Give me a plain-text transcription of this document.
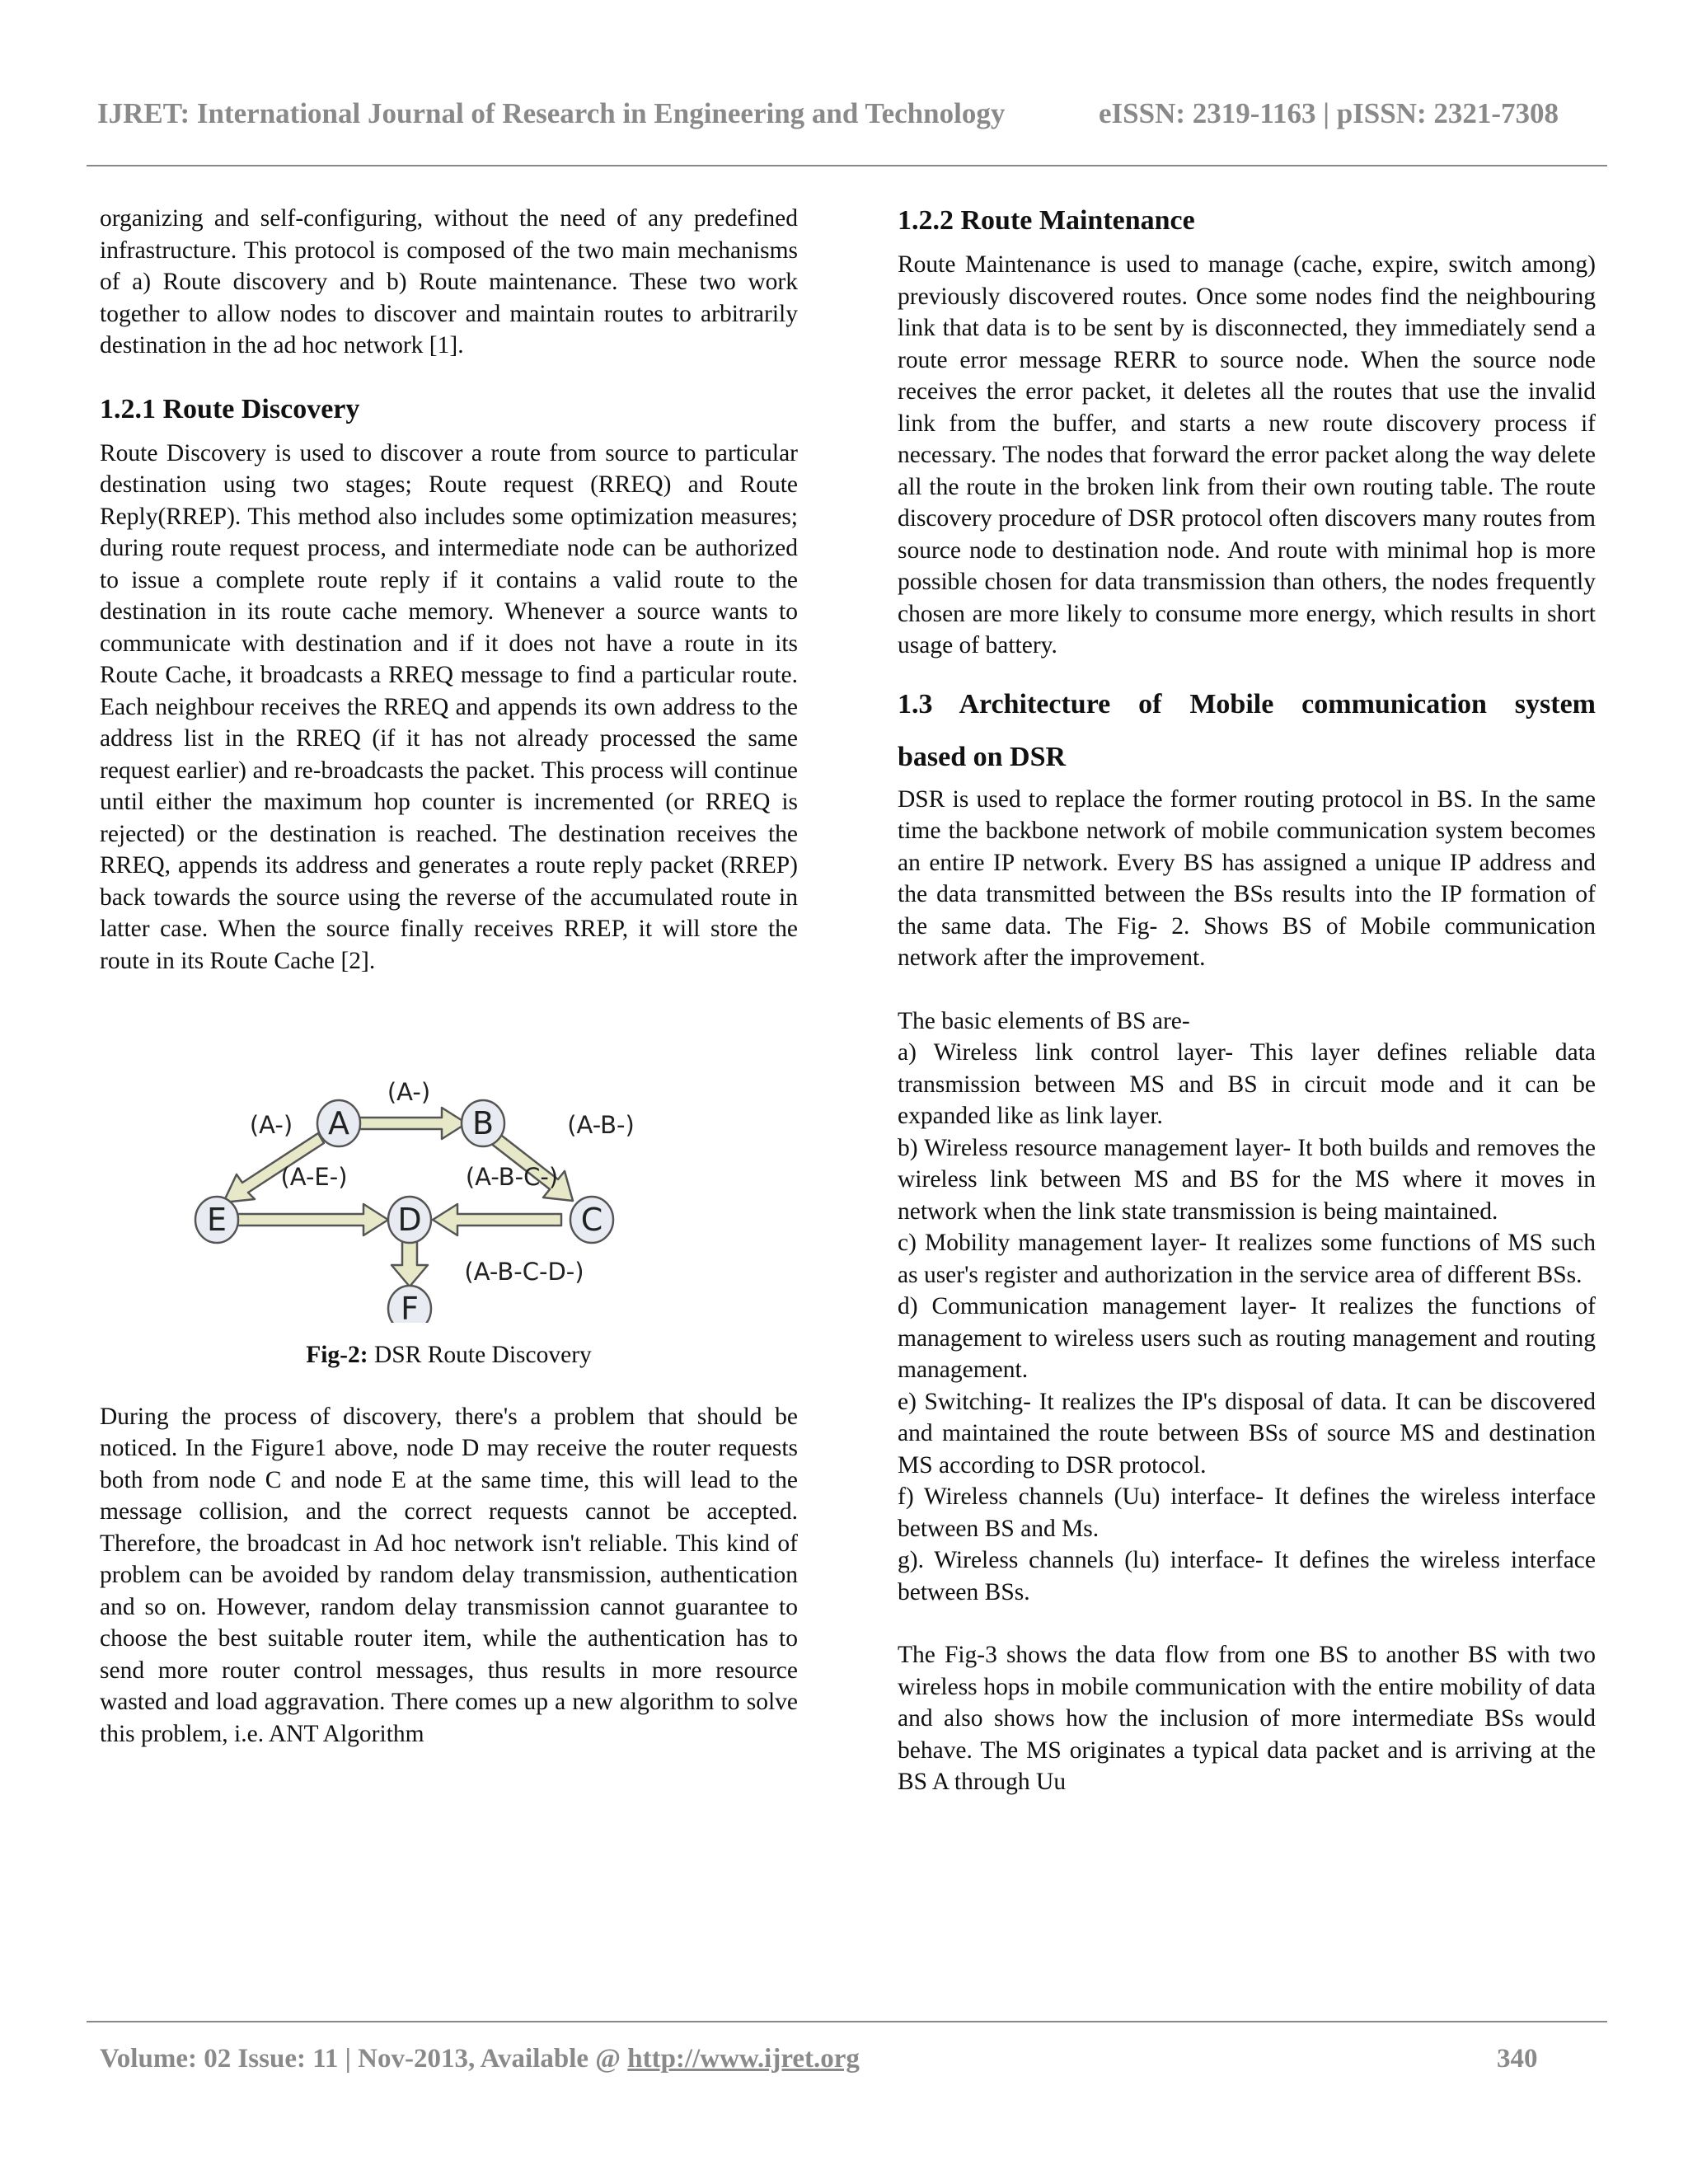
IJRET: International Journal of Research in Engineering and Technology	eISSN: 2319-1163 | pISSN: 2321-7308

organizing and self-configuring, without the need of any predefined infrastructure. This protocol is composed of the two main mechanisms of a) Route discovery and b) Route maintenance. These two work together to allow nodes to discover and maintain routes to arbitrarily destination in the ad hoc network [1].

1.2.1 Route Discovery

Route Discovery is used to discover a route from source to particular destination using two stages; Route request (RREQ) and Route Reply(RREP). This method also includes some optimization measures; during route request process, and intermediate node can be authorized to issue a complete route reply if it contains a valid route to the destination in its route cache memory. Whenever a source wants to communicate with destination and if it does not have a route in its Route Cache, it broadcasts a RREQ message to find a particular route. Each neighbour receives the RREQ and appends its own address to the address list in the RREQ (if it has not already processed the same request earlier) and re-broadcasts the packet. This process will continue until either the maximum hop counter is incremented (or RREQ is rejected) or the destination is reached. The destination receives the RREQ, appends its address and generates a route reply packet (RREP) back towards the source using the reverse of the accumulated route in latter case. When the source finally receives RREP, it will store the route in its Route Cache [2].

A	B
C
D
E
F
(A-)
(A-)
(A-B-)
(A-E-)	(A-B-C-)
(A-B-C-D-)

Fig-2: DSR Route Discovery

During the process of discovery, there's a problem that should be noticed. In the Figure1 above, node D may receive the router requests both from node C and node E at the same time, this will lead to the message collision, and the correct requests cannot be accepted. Therefore, the broadcast in Ad hoc network isn't reliable. This kind of problem can be avoided by random delay transmission, authentication and so on. However, random delay transmission cannot guarantee to choose the best suitable router item, while the authentication has to send more router control messages, thus results in more resource wasted and load aggravation. There comes up a new algorithm to solve this problem, i.e. ANT Algorithm

1.2.2 Route Maintenance

Route Maintenance is used to manage (cache, expire, switch among) previously discovered routes. Once some nodes find the neighbouring link that data is to be sent by is disconnected, they immediately send a route error message RERR to source node. When the source node receives the error packet, it deletes all the routes that use the invalid link from the buffer, and starts a new route discovery process if necessary. The nodes that forward the error packet along the way delete all the route in the broken link from their own routing table. The route discovery procedure of DSR protocol often discovers many routes from source node to destination node. And route with minimal hop is more possible chosen for data transmission than others, the nodes frequently chosen are more likely to consume more energy, which results in short usage of battery.

1.3 Architecture of Mobile communication system
based on DSR

DSR is used to replace the former routing protocol in BS. In the same time the backbone network of mobile communication system becomes an entire IP network. Every BS has assigned a unique IP address and the data transmitted between the BSs results into the IP formation of the same data. The Fig- 2. Shows BS of Mobile communication network after the improvement.

The basic elements of BS are-

a) Wireless link control layer- This layer defines reliable data transmission between MS and BS in circuit mode and it can be expanded like as link layer.

b) Wireless resource management layer- It both builds and removes the wireless link between MS and BS for the MS where it moves in network when the link state transmission is being maintained.

c) Mobility management layer- It realizes some functions of MS such as user's register and authorization in the service area of different BSs.

d) Communication management layer- It realizes the functions of management to wireless users such as routing management and routing management.

e) Switching- It realizes the IP's disposal of data. It can be discovered and maintained the route between BSs of source MS and destination MS according to DSR protocol.

f) Wireless channels (Uu) interface- It defines the wireless interface between BS and Ms.

g). Wireless channels (lu) interface- It defines the wireless interface between BSs.

The Fig-3 shows the data flow from one BS to another BS with two wireless hops in mobile communication with the entire mobility of data and also shows how the inclusion of more intermediate BSs would behave. The MS originates a typical data packet and is arriving at the BS A through Uu

Volume: 02 Issue: 11 | Nov-2013, Available @ http://www.ijret.org	340
